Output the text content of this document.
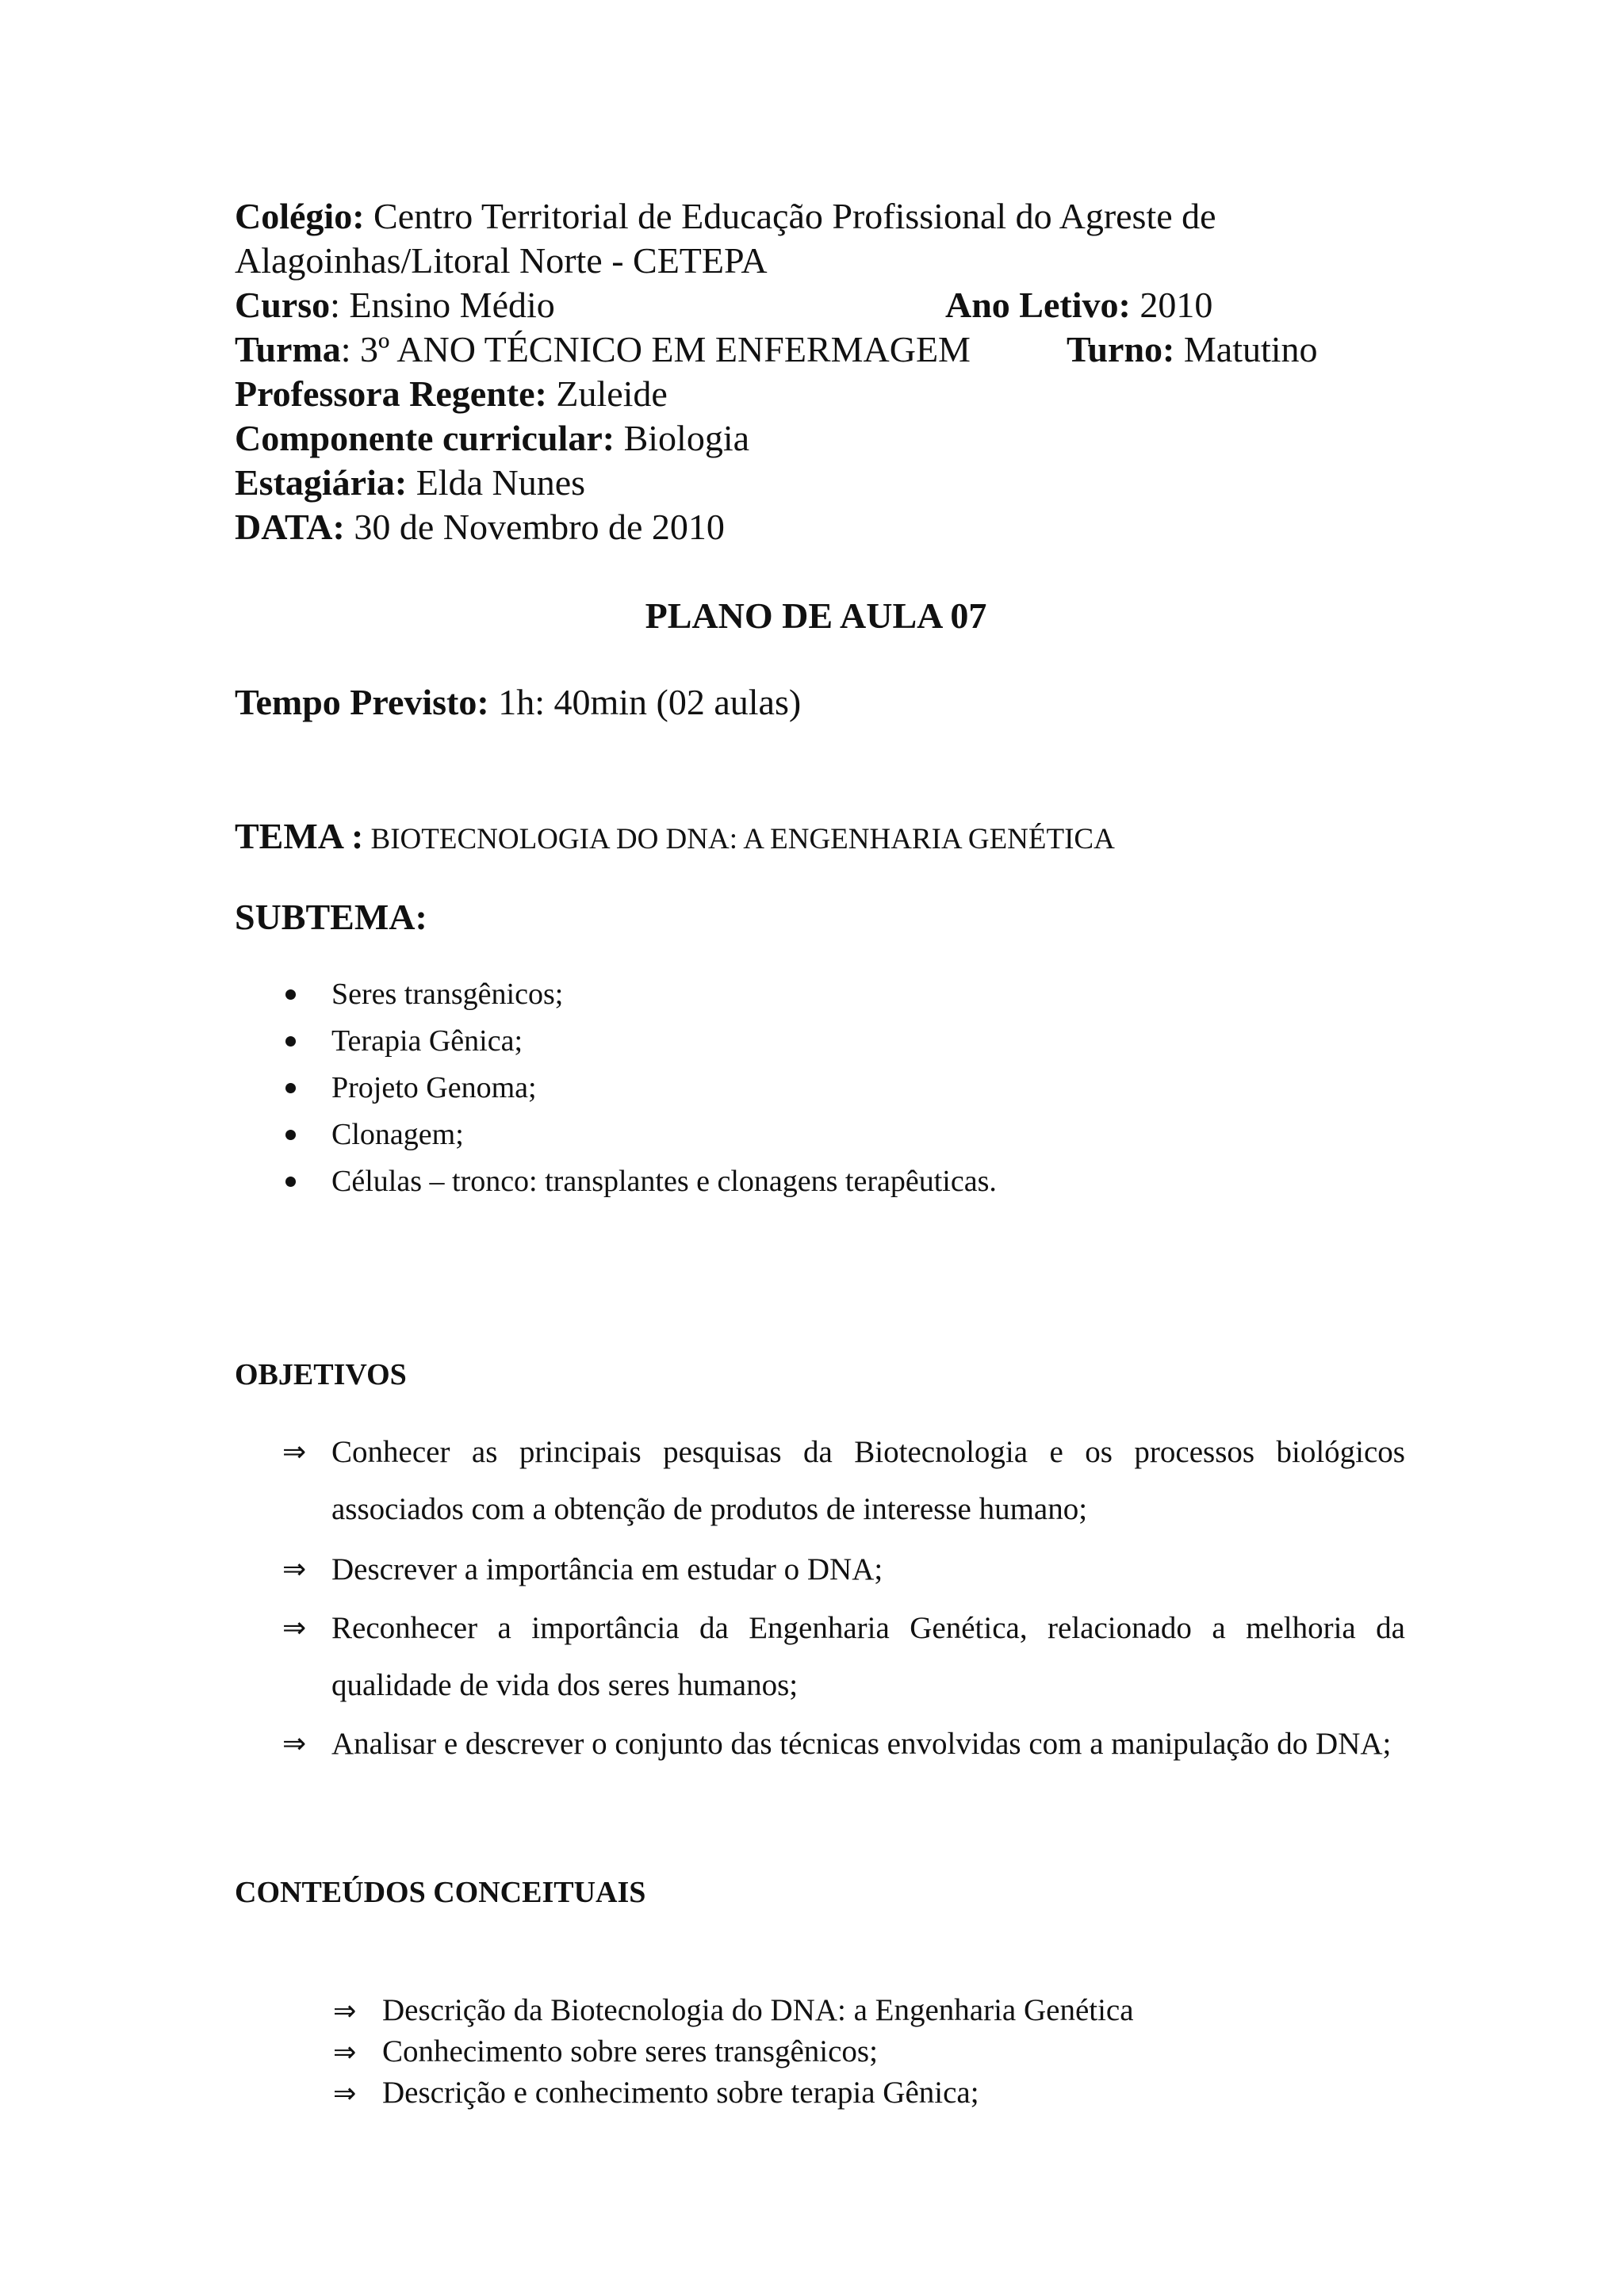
Colégio: Centro Territorial de Educação Profissional do Agreste de
Alagoinhas/Litoral Norte - CETEPA
Curso: Ensino Médio	Ano Letivo: 2010
Turma: 3º ANO TÉCNICO EM ENFERMAGEM	Turno: Matutino
Professora Regente: Zuleide
Componente curricular: Biologia
Estagiária: Elda Nunes
DATA: 30 de Novembro de 2010
PLANO DE AULA 07
Tempo Previsto: 1h: 40min (02 aulas)
TEMA : BIOTECNOLOGIA DO DNA: A ENGENHARIA GENÉTICA
SUBTEMA:
Seres transgênicos;
Terapia Gênica;
Projeto Genoma;
Clonagem;
Células – tronco: transplantes e clonagens terapêuticas.
OBJETIVOS
⇒ Conhecer as principais pesquisas da Biotecnologia e os processos biológicos associados com a obtenção de produtos de interesse humano;
⇒ Descrever a importância em estudar o DNA;
⇒ Reconhecer a importância da Engenharia Genética, relacionado a melhoria da qualidade de vida dos seres humanos;
⇒ Analisar e descrever o conjunto das técnicas envolvidas com a manipulação do DNA;
CONTEÚDOS CONCEITUAIS
⇒ Descrição da Biotecnologia do DNA: a Engenharia Genética
⇒ Conhecimento sobre seres transgênicos;
⇒ Descrição e conhecimento sobre terapia Gênica;
